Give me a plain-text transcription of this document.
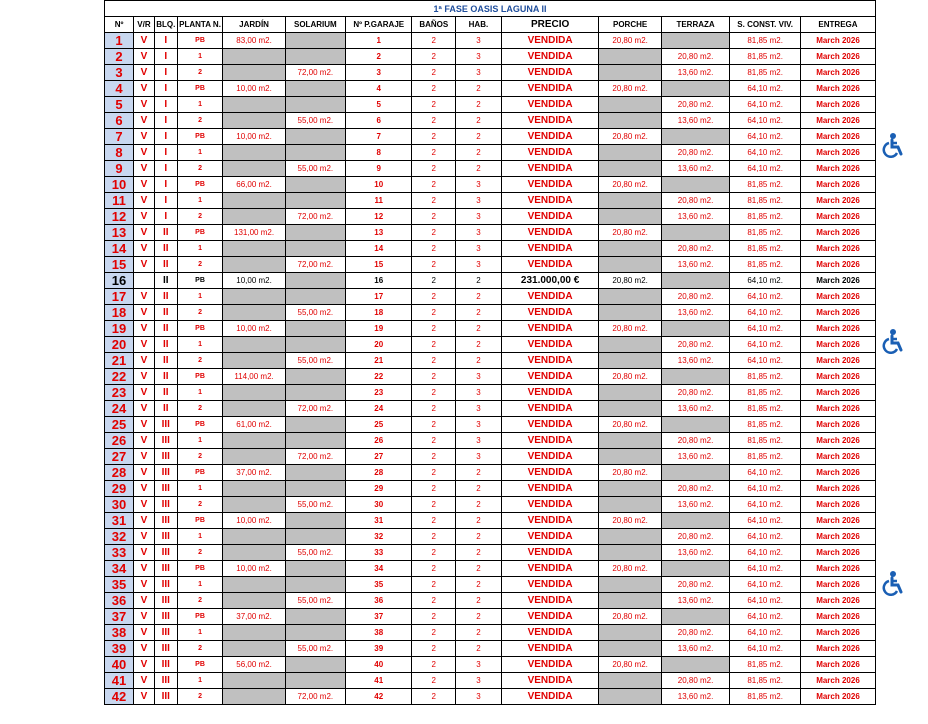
1ª FASE OASIS LAGUNA II													
Nº	V/R	BLQ.	PLANTA N.	JARDÍN	SOLARIUM	Nº P.GARAJE	BAÑOS	HAB.	PRECIO	PORCHE	TERRAZA	S. CONST. VIV.	ENTREGA
1	V	I	PB	83,00 m2.		1	2	3	VENDIDA	20,80 m2.		81,85 m2.	March 2026
2	V	I	1			2	2	3	VENDIDA		20,80 m2.	81,85 m2.	March 2026
3	V	I	2		72,00 m2.	3	2	3	VENDIDA		13,60 m2.	81,85 m2.	March 2026
4	V	I	PB	10,00 m2.		4	2	2	VENDIDA	20,80 m2.		64,10 m2.	March 2026
5	V	I	1			5	2	2	VENDIDA		20,80 m2.	64,10 m2.	March 2026
6	V	I	2		55,00 m2.	6	2	2	VENDIDA		13,60 m2.	64,10 m2.	March 2026
7	V	I	PB	10,00 m2.		7	2	2	VENDIDA	20,80 m2.		64,10 m2.	March 2026
8	V	I	1			8	2	2	VENDIDA		20,80 m2.	64,10 m2.	March 2026
9	V	I	2		55,00 m2.	9	2	2	VENDIDA		13,60 m2.	64,10 m2.	March 2026
10	V	I	PB	66,00 m2.		10	2	3	VENDIDA	20,80 m2.		81,85 m2.	March 2026
11	V	I	1			11	2	3	VENDIDA		20,80 m2.	81,85 m2.	March 2026
12	V	I	2		72,00 m2.	12	2	3	VENDIDA		13,60 m2.	81,85 m2.	March 2026
13	V	II	PB	131,00 m2.		13	2	3	VENDIDA	20,80 m2.		81,85 m2.	March 2026
14	V	II	1			14	2	3	VENDIDA		20,80 m2.	81,85 m2.	March 2026
15	V	II	2		72,00 m2.	15	2	3	VENDIDA		13,60 m2.	81,85 m2.	March 2026
16		II	PB	10,00 m2.		16	2	2	231.000,00 €	20,80 m2.		64,10 m2.	March 2026
17	V	II	1			17	2	2	VENDIDA		20,80 m2.	64,10 m2.	March 2026
18	V	II	2		55,00 m2.	18	2	2	VENDIDA		13,60 m2.	64,10 m2.	March 2026
19	V	II	PB	10,00 m2.		19	2	2	VENDIDA	20,80 m2.		64,10 m2.	March 2026
20	V	II	1			20	2	2	VENDIDA		20,80 m2.	64,10 m2.	March 2026
21	V	II	2		55,00 m2.	21	2	2	VENDIDA		13,60 m2.	64,10 m2.	March 2026
22	V	II	PB	114,00 m2.		22	2	3	VENDIDA	20,80 m2.		81,85 m2.	March 2026
23	V	II	1			23	2	3	VENDIDA		20,80 m2.	81,85 m2.	March 2026
24	V	II	2		72,00 m2.	24	2	3	VENDIDA		13,60 m2.	81,85 m2.	March 2026
25	V	III	PB	61,00 m2.		25	2	3	VENDIDA	20,80 m2.		81,85 m2.	March 2026
26	V	III	1			26	2	3	VENDIDA		20,80 m2.	81,85 m2.	March 2026
27	V	III	2		72,00 m2.	27	2	3	VENDIDA		13,60 m2.	81,85 m2.	March 2026
28	V	III	PB	37,00 m2.		28	2	2	VENDIDA	20,80 m2.		64,10 m2.	March 2026
29	V	III	1			29	2	2	VENDIDA		20,80 m2.	64,10 m2.	March 2026
30	V	III	2		55,00 m2.	30	2	2	VENDIDA		13,60 m2.	64,10 m2.	March 2026
31	V	III	PB	10,00 m2.		31	2	2	VENDIDA	20,80 m2.		64,10 m2.	March 2026
32	V	III	1			32	2	2	VENDIDA		20,80 m2.	64,10 m2.	March 2026
33	V	III	2		55,00 m2.	33	2	2	VENDIDA		13,60 m2.	64,10 m2.	March 2026
34	V	III	PB	10,00 m2.		34	2	2	VENDIDA	20,80 m2.		64,10 m2.	March 2026
35	V	III	1			35	2	2	VENDIDA		20,80 m2.	64,10 m2.	March 2026
36	V	III	2		55,00 m2.	36	2	2	VENDIDA		13,60 m2.	64,10 m2.	March 2026
37	V	III	PB	37,00 m2.		37	2	2	VENDIDA	20,80 m2.		64,10 m2.	March 2026
38	V	III	1			38	2	2	VENDIDA		20,80 m2.	64,10 m2.	March 2026
39	V	III	2		55,00 m2.	39	2	2	VENDIDA		13,60 m2.	64,10 m2.	March 2026
40	V	III	PB	56,00 m2.		40	2	3	VENDIDA	20,80 m2.		81,85 m2.	March 2026
41	V	III	1			41	2	3	VENDIDA		20,80 m2.	81,85 m2.	March 2026
42	V	III	2		72,00 m2.	42	2	3	VENDIDA		13,60 m2.	81,85 m2.	March 2026
